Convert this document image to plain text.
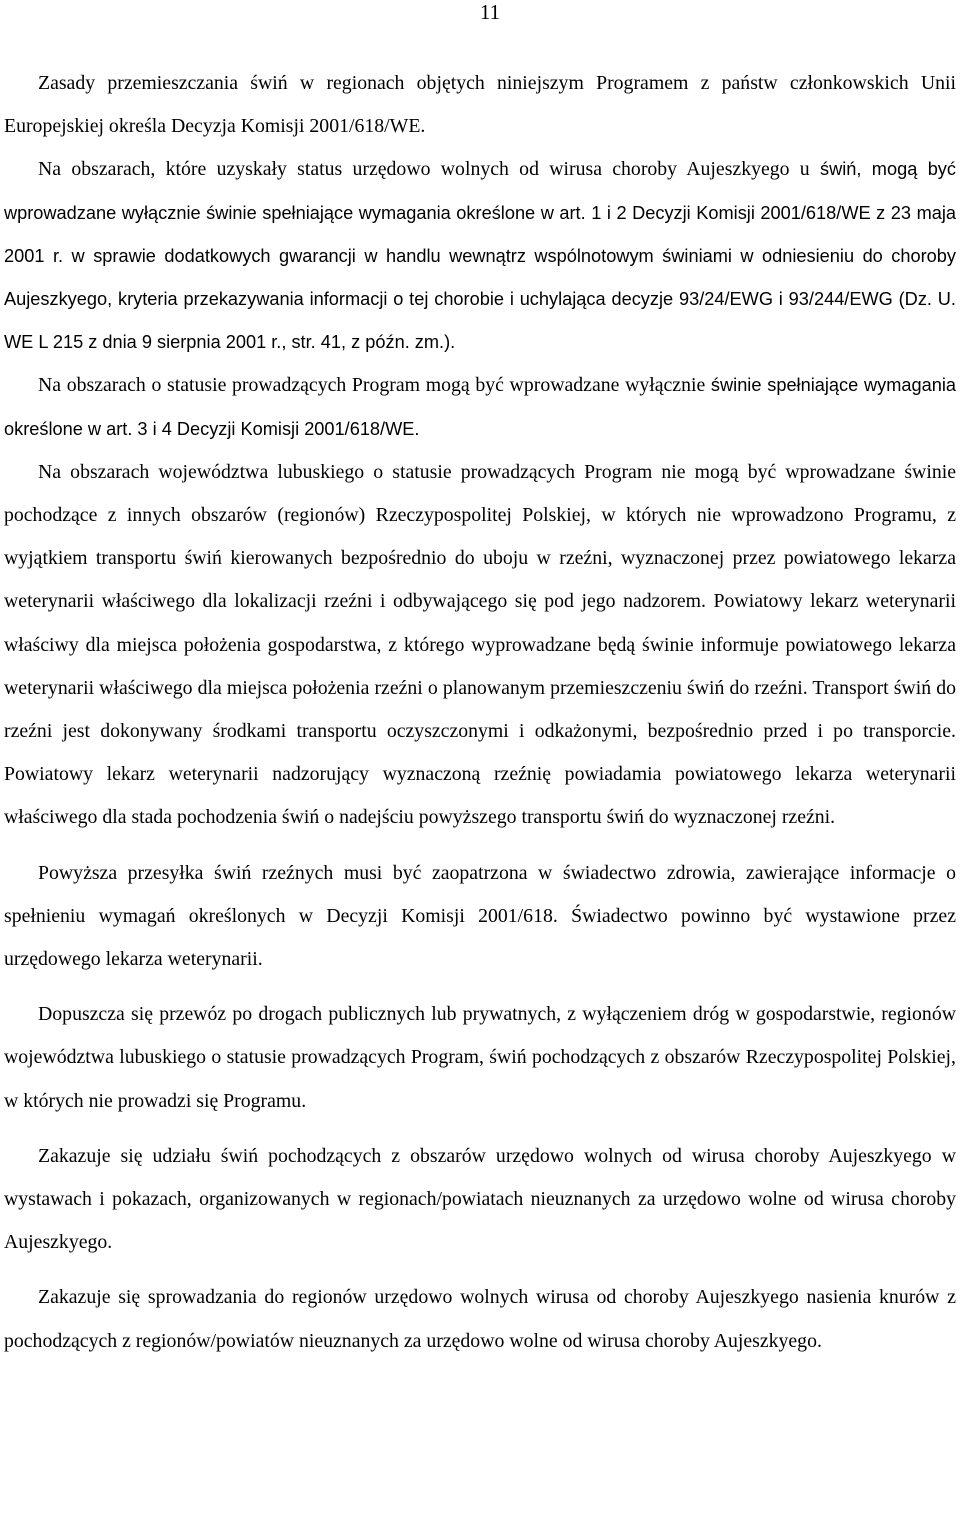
11

Zasady przemieszczania świń w regionach objętych niniejszym Programem z państw członkowskich Unii Europejskiej określa Decyzja Komisji 2001/618/WE.

Na obszarach, które uzyskały status urzędowo wolnych od wirusa choroby Aujeszkyego u świń, mogą być wprowadzane wyłącznie świnie spełniające wymagania określone w art. 1 i 2 Decyzji Komisji 2001/618/WE z 23 maja 2001 r. w sprawie dodatkowych gwarancji w handlu wewnątrz wspólnotowym świniami w odniesieniu do choroby Aujeszkyego, kryteria przekazywania informacji o tej chorobie i uchylająca decyzje 93/24/EWG i 93/244/EWG (Dz. U. WE L 215 z dnia 9 sierpnia 2001 r., str. 41, z późn. zm.).

Na obszarach o statusie prowadzących Program mogą być wprowadzane wyłącznie świnie spełniające wymagania określone w art. 3 i 4 Decyzji Komisji 2001/618/WE.

Na obszarach województwa lubuskiego o statusie prowadzących Program nie mogą być wprowadzane świnie pochodzące z innych obszarów (regionów) Rzeczypospolitej Polskiej, w których nie wprowadzono Programu, z wyjątkiem transportu świń kierowanych bezpośrednio do uboju w rzeźni, wyznaczonej przez powiatowego lekarza weterynarii właściwego dla lokalizacji rzeźni i odbywającego się pod jego nadzorem. Powiatowy lekarz weterynarii właściwy dla miejsca położenia gospodarstwa, z którego wyprowadzane będą świnie informuje powiatowego lekarza weterynarii właściwego dla miejsca położenia rzeźni o planowanym przemieszczeniu świń do rzeźni. Transport świń do rzeźni jest dokonywany środkami transportu oczyszczonymi i odkażonymi, bezpośrednio przed i po transporcie. Powiatowy lekarz weterynarii nadzorujący wyznaczoną rzeźnię powiadamia powiatowego lekarza weterynarii właściwego dla stada pochodzenia świń o nadejściu powyższego transportu świń do wyznaczonej rzeźni.

Powyższa przesyłka świń rzeźnych musi być zaopatrzona w świadectwo zdrowia, zawierające informacje o spełnieniu wymagań określonych w Decyzji Komisji 2001/618. Świadectwo powinno być wystawione przez urzędowego lekarza weterynarii.

Dopuszcza się przewóz po drogach publicznych lub prywatnych, z wyłączeniem dróg w gospodarstwie, regionów województwa lubuskiego o statusie prowadzących Program, świń pochodzących z obszarów Rzeczypospolitej Polskiej, w których nie prowadzi się Programu.

Zakazuje się udziału świń pochodzących z obszarów urzędowo wolnych od wirusa choroby Aujeszkyego w wystawach i pokazach, organizowanych w regionach/powiatach nieuznanych za urzędowo wolne od wirusa choroby Aujeszkyego.

Zakazuje się sprowadzania do regionów urzędowo wolnych wirusa od choroby Aujeszkyego nasienia knurów z pochodzących z regionów/powiatów nieuznanych za urzędowo wolne od wirusa choroby Aujeszkyego.
